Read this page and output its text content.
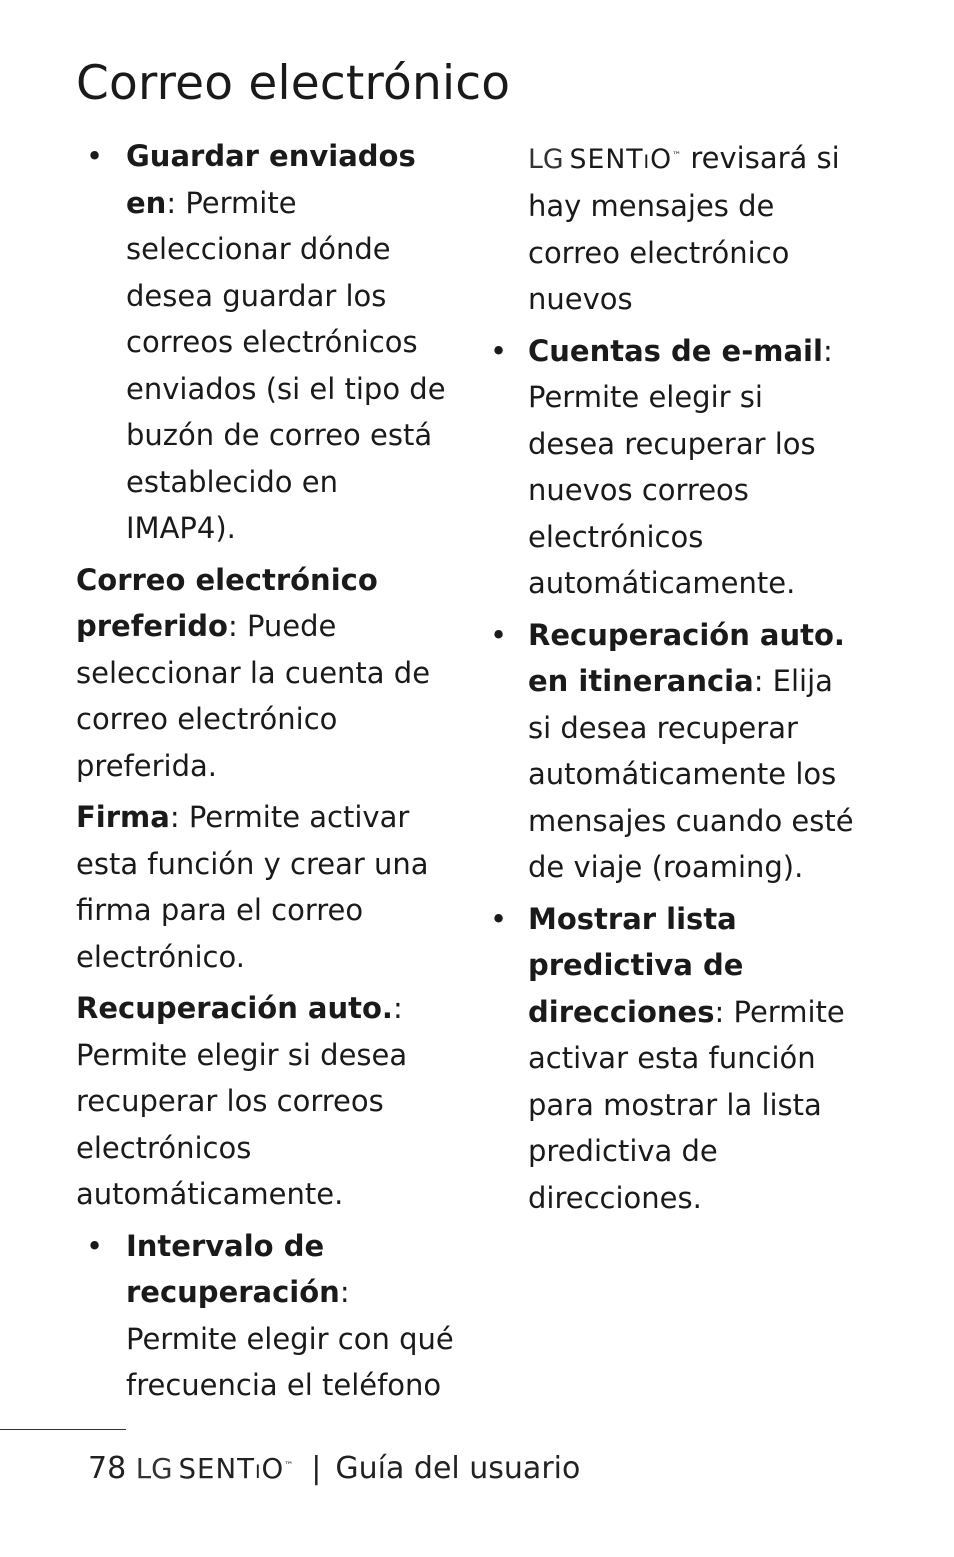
Correo electrónico
• Guardar enviados
en: Permite seleccionar dónde desea guardar los correos electrónicos enviados (si el tipo de buzón de correo está establecido en IMAP4).

Correo electrónico preferido: Puede seleccionar la cuenta de correo electrónico preferida.

Firma: Permite activar esta función y crear una firma para el correo electrónico.

Recuperación auto.: Permite elegir si desea recuperar los correos electrónicos automáticamente.

• Intervalo de recuperación: Permite elegir con qué frecuencia el teléfono

LG SENTiO™ revisará si hay mensajes de correo electrónico nuevos

• Cuentas de e-mail: Permite elegir si desea recuperar los nuevos correos electrónicos automáticamente.
• Recuperación auto. en itinerancia: Elija si desea recuperar automáticamente los mensajes cuando esté de viaje (roaming).
• Mostrar lista predictiva de direcciones: Permite activar esta función para mostrar la lista predictiva de direcciones.
78 LG SENTiO™ | Guía del usuario
